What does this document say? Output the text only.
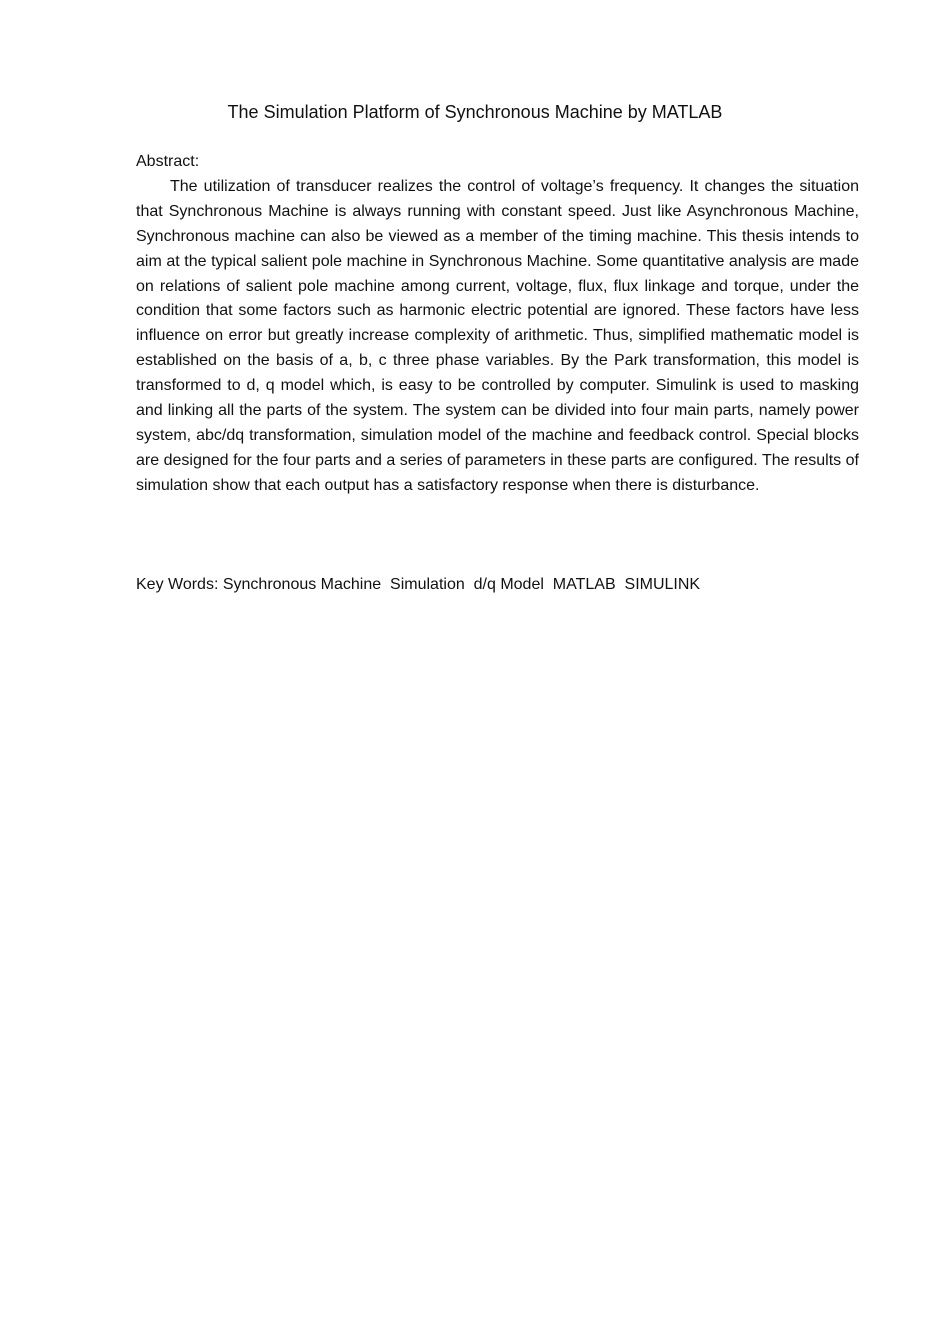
The Simulation Platform of Synchronous Machine by MATLAB

Abstract:

The utilization of transducer realizes the control of voltage’s frequency. It changes the situation that Synchronous Machine is always running with constant speed. Just like Asynchronous Machine, Synchronous machine can also be viewed as a member of the timing machine. This thesis intends to aim at the typical salient pole machine in Synchronous Machine. Some quantitative analysis are made on relations of salient pole machine among current, voltage, flux, flux linkage and torque, under the condition that some factors such as harmonic electric potential are ignored. These factors have less influence on error but greatly increase complexity of arithmetic. Thus, simplified mathematic model is established on the basis of a, b, c three phase variables. By the Park transformation, this model is transformed to d, q model which, is easy to be controlled by computer. Simulink is used to masking and linking all the parts of the system. The system can be divided into four main parts, namely power system, abc/dq transformation, simulation model of the machine and feedback control. Special blocks are designed for the four parts and a series of parameters in these parts are configured. The results of simulation show that each output has a satisfactory response when there is disturbance.

Key Words: Synchronous Machine  Simulation  d/q Model  MATLAB  SIMULINK
